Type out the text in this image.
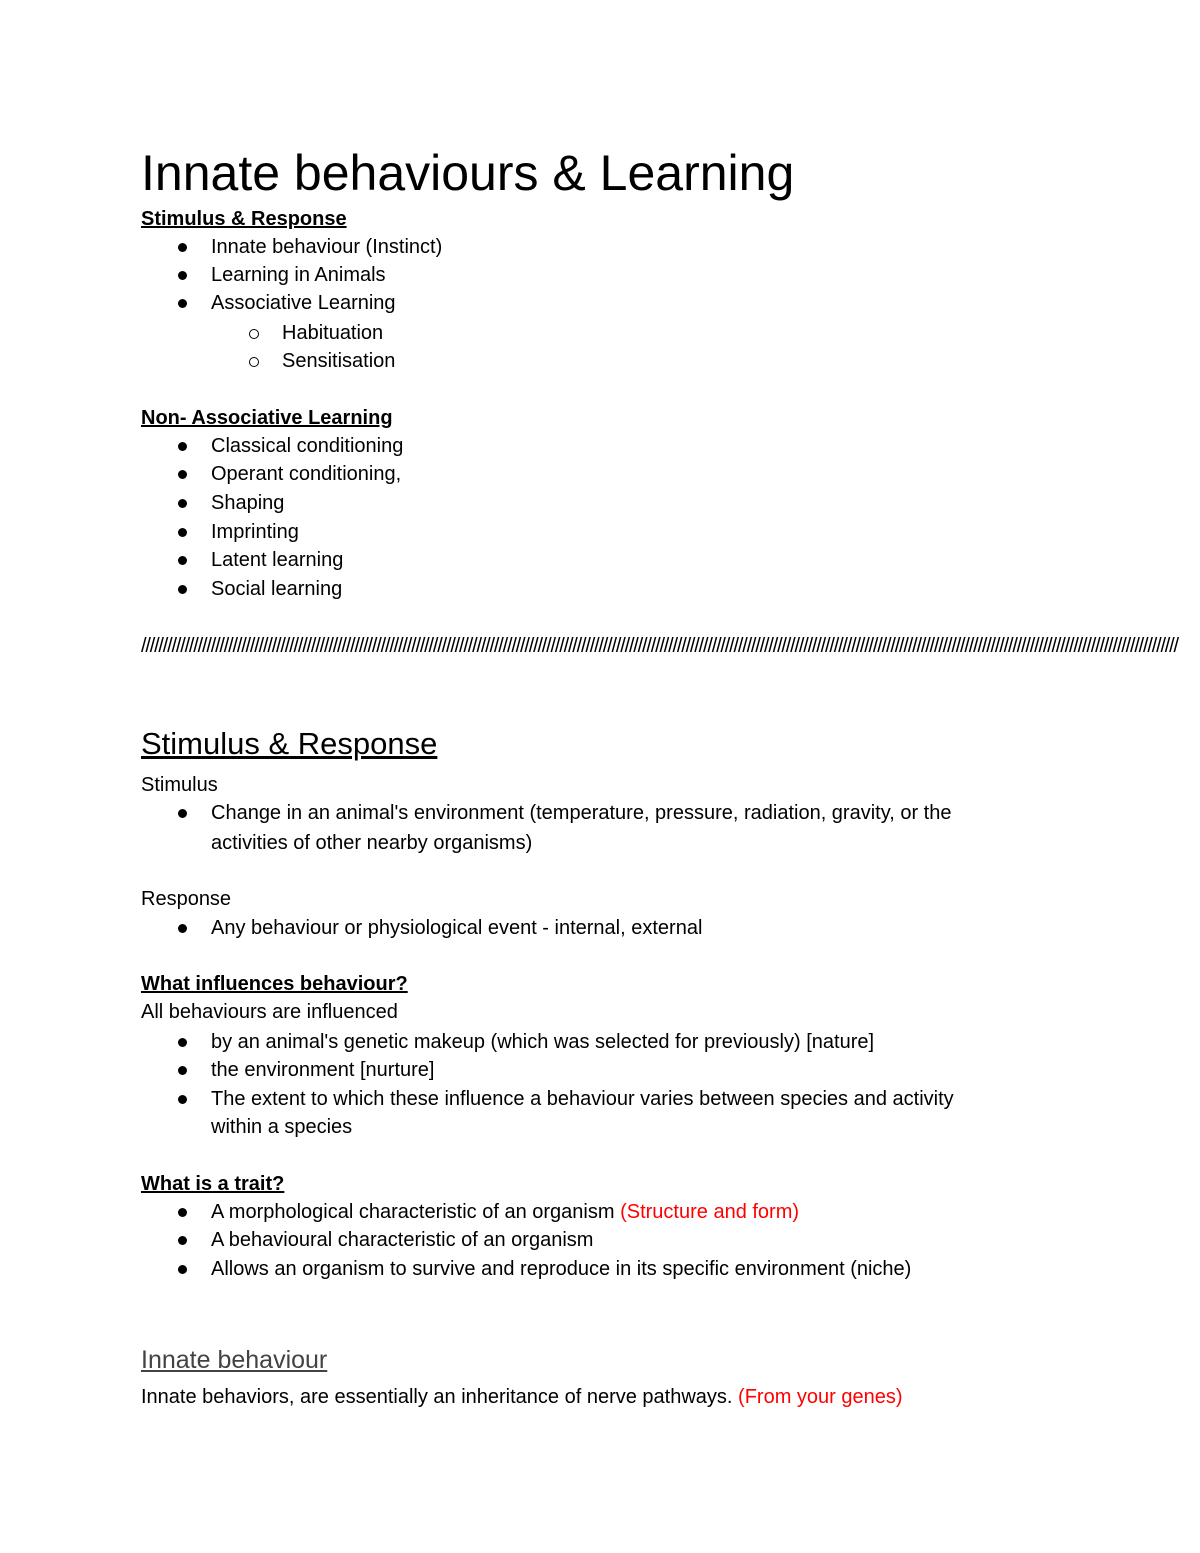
Innate behaviours & Learning
Stimulus & Response
Innate behaviour (Instinct)
Learning in Animals
Associative Learning
Habituation
Sensitisation
Non- Associative Learning
Classical conditioning
Operant conditioning,
Shaping
Imprinting
Latent learning
Social learning

//////////////////////////////////////////////////////////////////////////////////////////////////////////////////////////////////////////////////////////////////////////////////////////////////////////////////////////////////////////////

Stimulus & Response
Stimulus
Change in an animal's environment (temperature, pressure, radiation, gravity, or the
activities of other nearby organisms)
Response
Any behaviour or physiological event - internal, external
What influences behaviour?
All behaviours are influenced
by an animal's genetic makeup (which was selected for previously) [nature]
the environment [nurture]
The extent to which these influence a behaviour varies between species and activity
within a species
What is a trait?
A morphological characteristic of an organism (Structure and form)
A behavioural characteristic of an organism
Allows an organism to survive and reproduce in its specific environment (niche)
Innate behaviour
Innate behaviors, are essentially an inheritance of nerve pathways. (From your genes)
